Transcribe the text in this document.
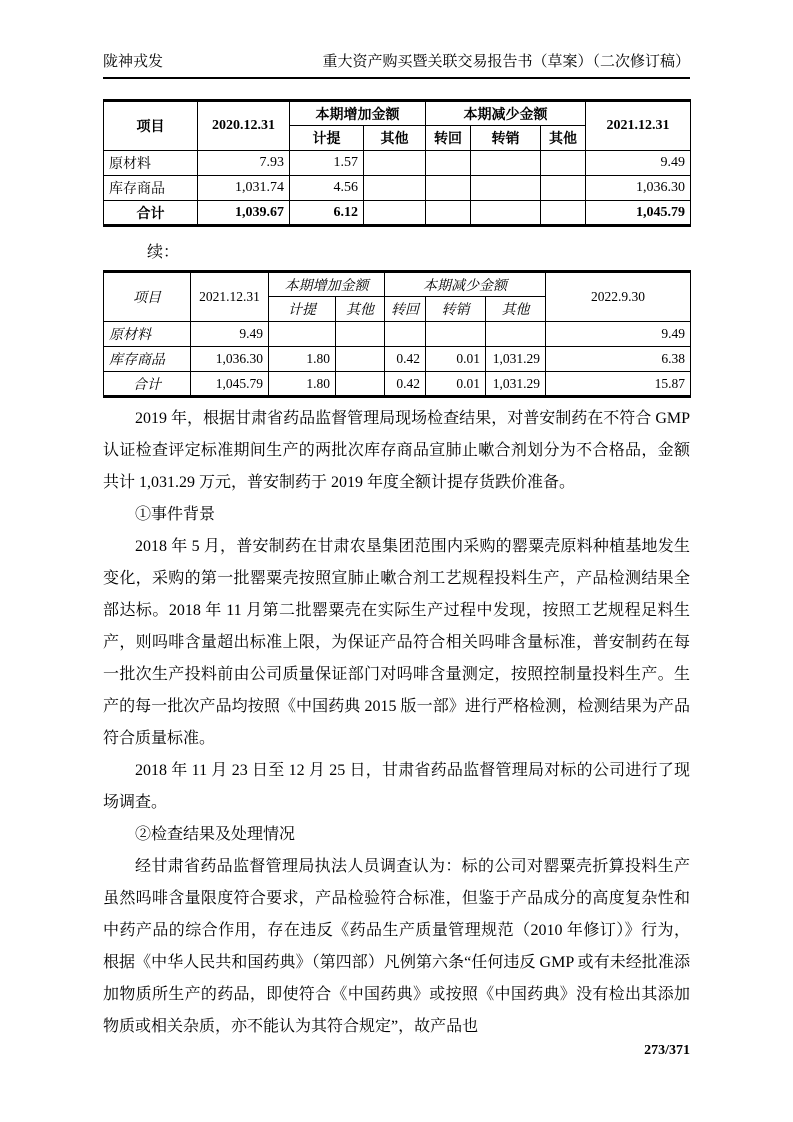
陇神戎发	重大资产购买暨关联交易报告书（草案）（二次修订稿）
项目	2020.12.31	本期增加金额		本期减少金额			2021.12.31
		计提	其他	转回	转销	其他	
原材料	7.93	1.57					9.49
库存商品	1,031.74	4.56					1,036.30
合计	1,039.67	6.12					1,045.79
续：
项目	2021.12.31	本期增加金额		本期减少金额			2022.9.30
		计提	其他	转回	转销	其他	
原材料	9.49						9.49
库存商品	1,036.30	1.80		0.42	0.01	1,031.29	6.38
合计	1,045.79	1.80		0.42	0.01	1,031.29	15.87

2019 年，根据甘肃省药品监督管理局现场检查结果，对普安制药在不符合 GMP 认证检查评定标准期间生产的两批次库存商品宣肺止嗽合剂划分为不合格品，金额共计 1,031.29 万元，普安制药于 2019 年度全额计提存货跌价准备。

①事件背景

2018 年 5 月，普安制药在甘肃农垦集团范围内采购的罂粟壳原料种植基地发生变化，采购的第一批罂粟壳按照宣肺止嗽合剂工艺规程投料生产，产品检测结果全部达标。2018 年 11 月第二批罂粟壳在实际生产过程中发现，按照工艺规程足料生产，则吗啡含量超出标准上限，为保证产品符合相关吗啡含量标准，普安制药在每一批次生产投料前由公司质量保证部门对吗啡含量测定，按照控制量投料生产。生产的每一批次产品均按照《中国药典 2015 版一部》进行严格检测，检测结果为产品符合质量标准。

2018 年 11 月 23 日至 12 月 25 日，甘肃省药品监督管理局对标的公司进行了现场调查。

②检查结果及处理情况

经甘肃省药品监督管理局执法人员调查认为：标的公司对罂粟壳折算投料生产虽然吗啡含量限度符合要求，产品检验符合标准，但鉴于产品成分的高度复杂性和中药产品的综合作用，存在违反《药品生产质量管理规范（2010 年修订）》行为，根据《中华人民共和国药典》（第四部）凡例第六条“任何违反 GMP 或有未经批准添加物质所生产的药品，即使符合《中国药典》或按照《中国药典》没有检出其添加物质或相关杂质，亦不能认为其符合规定”，故产品也

273/371
